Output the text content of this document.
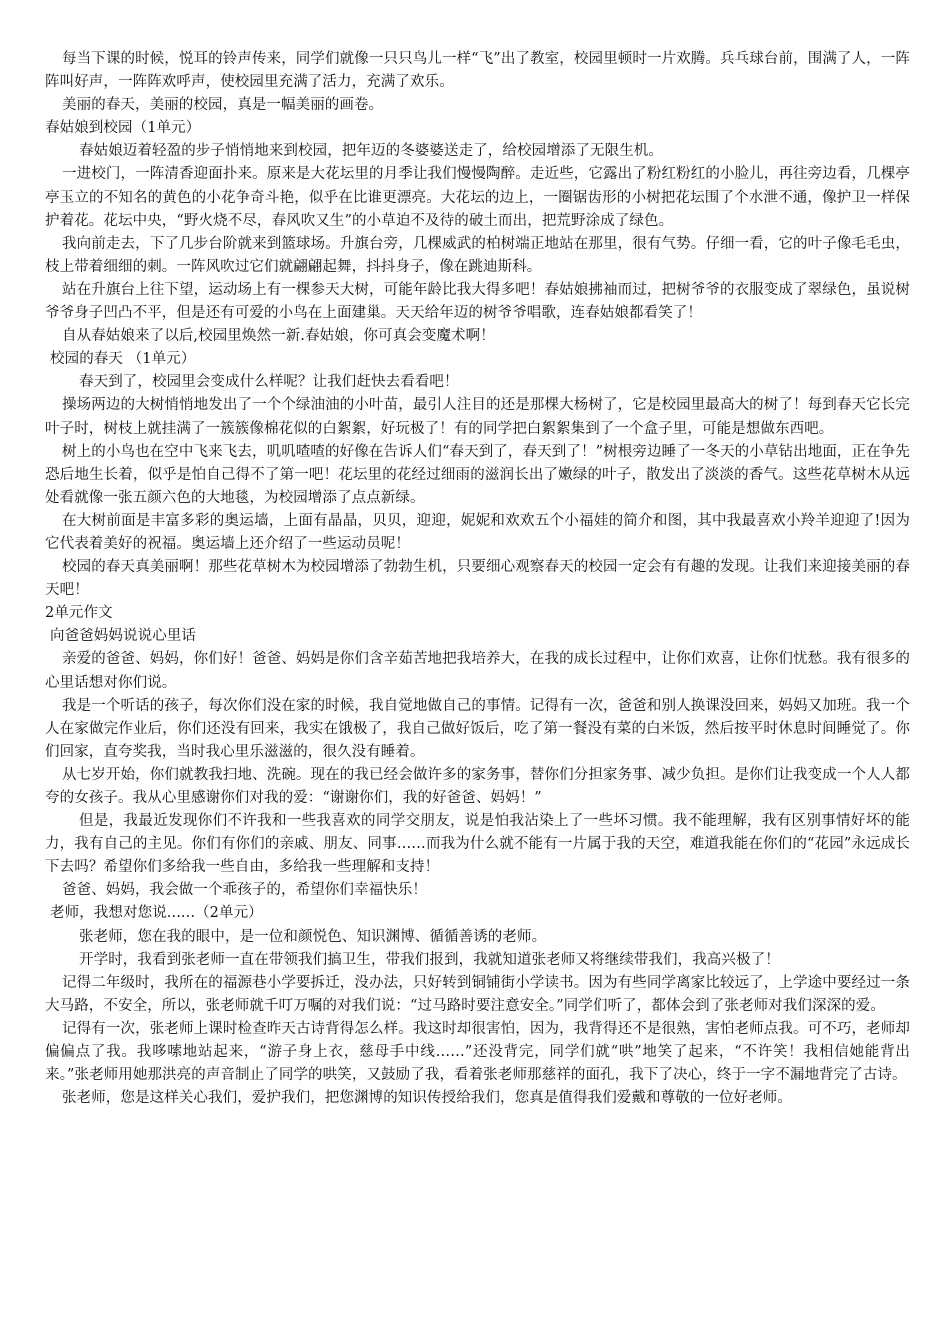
每当下课的时候，悦耳的铃声传来，同学们就像一只只鸟儿一样“飞”出了教室，校园里顿时一片欢腾。兵乓球台前，围满了人，一阵阵叫好声，一阵阵欢呼声，使校园里充满了活力，充满了欢乐。

美丽的春天，美丽的校园，真是一幅美丽的画卷。

春姑娘到校园（1单元）

春姑娘迈着轻盈的步子悄悄地来到校园，把年迈的冬婆婆送走了，给校园增添了无限生机。

一进校门，一阵清香迎面扑来。原来是大花坛里的月季让我们慢慢陶醉。走近些，它露出了粉红粉红的小脸儿，再往旁边看，几棵亭亭玉立的不知名的黄色的小花争奇斗艳，似乎在比谁更漂亮。大花坛的边上，一圈锯齿形的小树把花坛围了个水泄不通，像护卫一样保护着花。花坛中央，“野火烧不尽，春风吹又生”的小草迫不及待的破土而出，把荒野涂成了绿色。

我向前走去，下了几步台阶就来到篮球场。升旗台旁，几棵威武的柏树端正地站在那里，很有气势。仔细一看，它的叶子像毛毛虫，枝上带着细细的刺。一阵风吹过它们就翩翩起舞，抖抖身子，像在跳迪斯科。

站在升旗台上往下望，运动场上有一棵参天大树，可能年龄比我大得多吧！春姑娘拂袖而过，把树爷爷的衣服变成了翠绿色，虽说树爷爷身子凹凸不平，但是还有可爱的小鸟在上面建巢。天天给年迈的树爷爷唱歌，连春姑娘都看笑了！

自从春姑娘来了以后,校园里焕然一新.春姑娘，你可真会变魔术啊！

校园的春天 （1单元）

春天到了，校园里会变成什么样呢？让我们赶快去看看吧！

操场两边的大树悄悄地发出了一个个绿油油的小叶苗，最引人注目的还是那棵大杨树了，它是校园里最高大的树了！每到春天它长完叶子时，树枝上就挂满了一簇簇像棉花似的白絮絮，好玩极了！有的同学把白絮絮集到了一个盒子里，可能是想做东西吧。

树上的小鸟也在空中飞来飞去，叽叽喳喳的好像在告诉人们“春天到了，春天到了！”树根旁边睡了一冬天的小草钻出地面，正在争先恐后地生长着，似乎是怕自己得不了第一吧！花坛里的花经过细雨的滋润长出了嫩绿的叶子，散发出了淡淡的香气。这些花草树木从远处看就像一张五颜六色的大地毯，为校园增添了点点新绿。

在大树前面是丰富多彩的奥运墙，上面有晶晶，贝贝，迎迎，妮妮和欢欢五个小福娃的简介和图，其中我最喜欢小羚羊迎迎了!因为它代表着美好的祝福。奥运墙上还介绍了一些运动员呢！

校园的春天真美丽啊！那些花草树木为校园增添了勃勃生机，只要细心观察春天的校园一定会有有趣的发现。让我们来迎接美丽的春天吧！

2单元作文

向爸爸妈妈说说心里话

亲爱的爸爸、妈妈，你们好！爸爸、妈妈是你们含辛茹苦地把我培养大，在我的成长过程中，让你们欢喜，让你们忧愁。我有很多的心里话想对你们说。

我是一个听话的孩子，每次你们没在家的时候，我自觉地做自己的事情。记得有一次，爸爸和别人换课没回来，妈妈又加班。我一个人在家做完作业后，你们还没有回来，我实在饿极了，我自己做好饭后，吃了第一餐没有菜的白米饭，然后按平时休息时间睡觉了。你们回家，直夸奖我，当时我心里乐滋滋的，很久没有睡着。

从七岁开始，你们就教我扫地、洗碗。现在的我已经会做许多的家务事，替你们分担家务事、减少负担。是你们让我变成一个人人都夸的女孩子。我从心里感谢你们对我的爱：“谢谢你们，我的好爸爸、妈妈！”

但是，我最近发现你们不许我和一些我喜欢的同学交朋友，说是怕我沾染上了一些坏习惯。我不能理解，我有区别事情好坏的能力，我有自己的主见。你们有你们的亲戚、朋友、同事……而我为什么就不能有一片属于我的天空，难道我能在你们的“花园”永远成长下去吗？希望你们多给我一些自由，多给我一些理解和支持！

爸爸、妈妈，我会做一个乖孩子的，希望你们幸福快乐！

老师，我想对您说......（2单元）

张老师，您在我的眼中，是一位和颜悦色、知识渊博、循循善诱的老师。

开学时，我看到张老师一直在带领我们搞卫生，带我们报到，我就知道张老师又将继续带我们，我高兴极了！

记得二年级时，我所在的福源巷小学要拆迁，没办法，只好转到铜铺街小学读书。因为有些同学离家比较远了，上学途中要经过一条大马路，不安全，所以，张老师就千叮万嘱的对我们说：“过马路时要注意安全。”同学们听了，都体会到了张老师对我们深深的爱。

记得有一次，张老师上课时检查昨天古诗背得怎么样。我这时却很害怕，因为，我背得还不是很熟，害怕老师点我。可不巧，老师却偏偏点了我。我哆嗦地站起来，“游子身上衣，慈母手中线……”还没背完，同学们就“哄”地笑了起来，“不许笑！我相信她能背出来。”张老师用她那洪亮的声音制止了同学的哄笑，又鼓励了我，看着张老师那慈祥的面孔，我下了决心，终于一字不漏地背完了古诗。

张老师，您是这样关心我们，爱护我们，把您渊博的知识传授给我们，您真是值得我们爱戴和尊敬的一位好老师。
